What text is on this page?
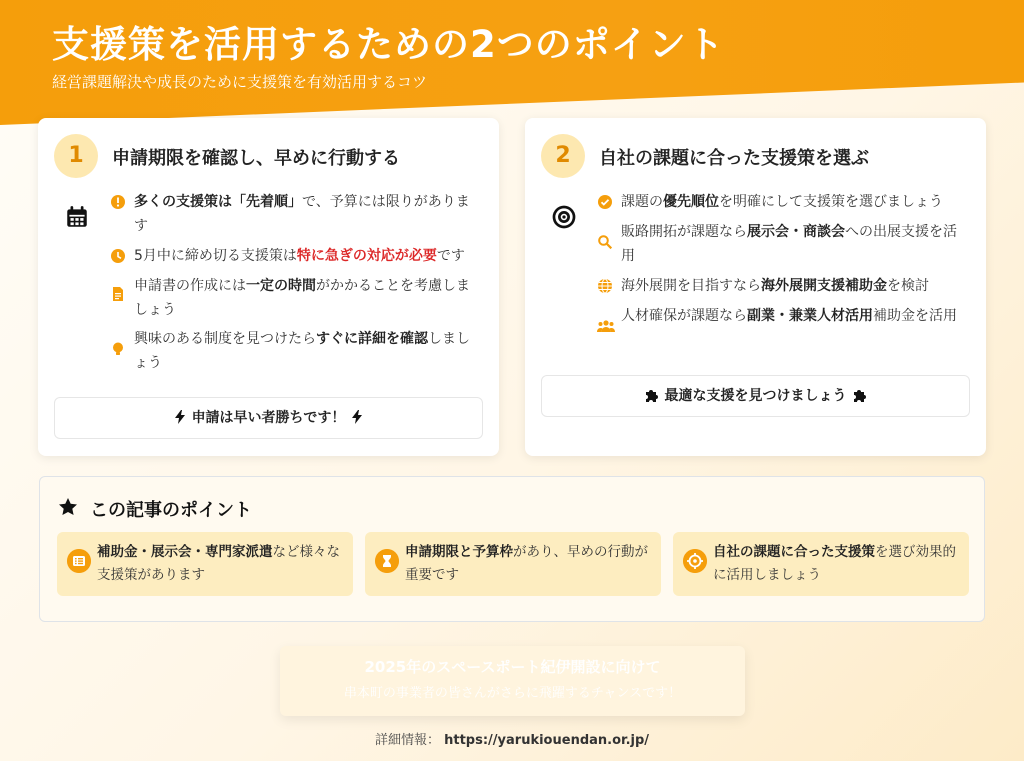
支援策を活用するための2つのポイント
経営課題解決や成長のために支援策を有効活用するコツ
1	申請期限を確認し、早めに行動する
多くの支援策は「先着順」で、予算には限りがあります
5月中に締め切る支援策は特に急ぎの対応が必要です
申請書の作成には一定の時間がかかることを考慮しましょう
興味のある制度を見つけたらすぐに詳細を確認しましょう
申請は早い者勝ちです！
2	自社の課題に合った支援策を選ぶ
課題の優先順位を明確にして支援策を選びましょう
販路開拓が課題なら展示会・商談会への出展支援を活用
海外展開を目指すなら海外展開支援補助金を検討
人材確保が課題なら副業・兼業人材活用補助金を活用
最適な支援を見つけましょう
この記事のポイント
補助金・展示会・専門家派遣など様々な支援策があります
申請期限と予算枠があり、早めの行動が重要です
自社の課題に合った支援策を選び効果的に活用しましょう
2025年のスペースポート紀伊開設に向けて
串本町の事業者の皆さんがさらに飛躍するチャンスです！
詳細情報： https://yarukiouendan.or.jp/
